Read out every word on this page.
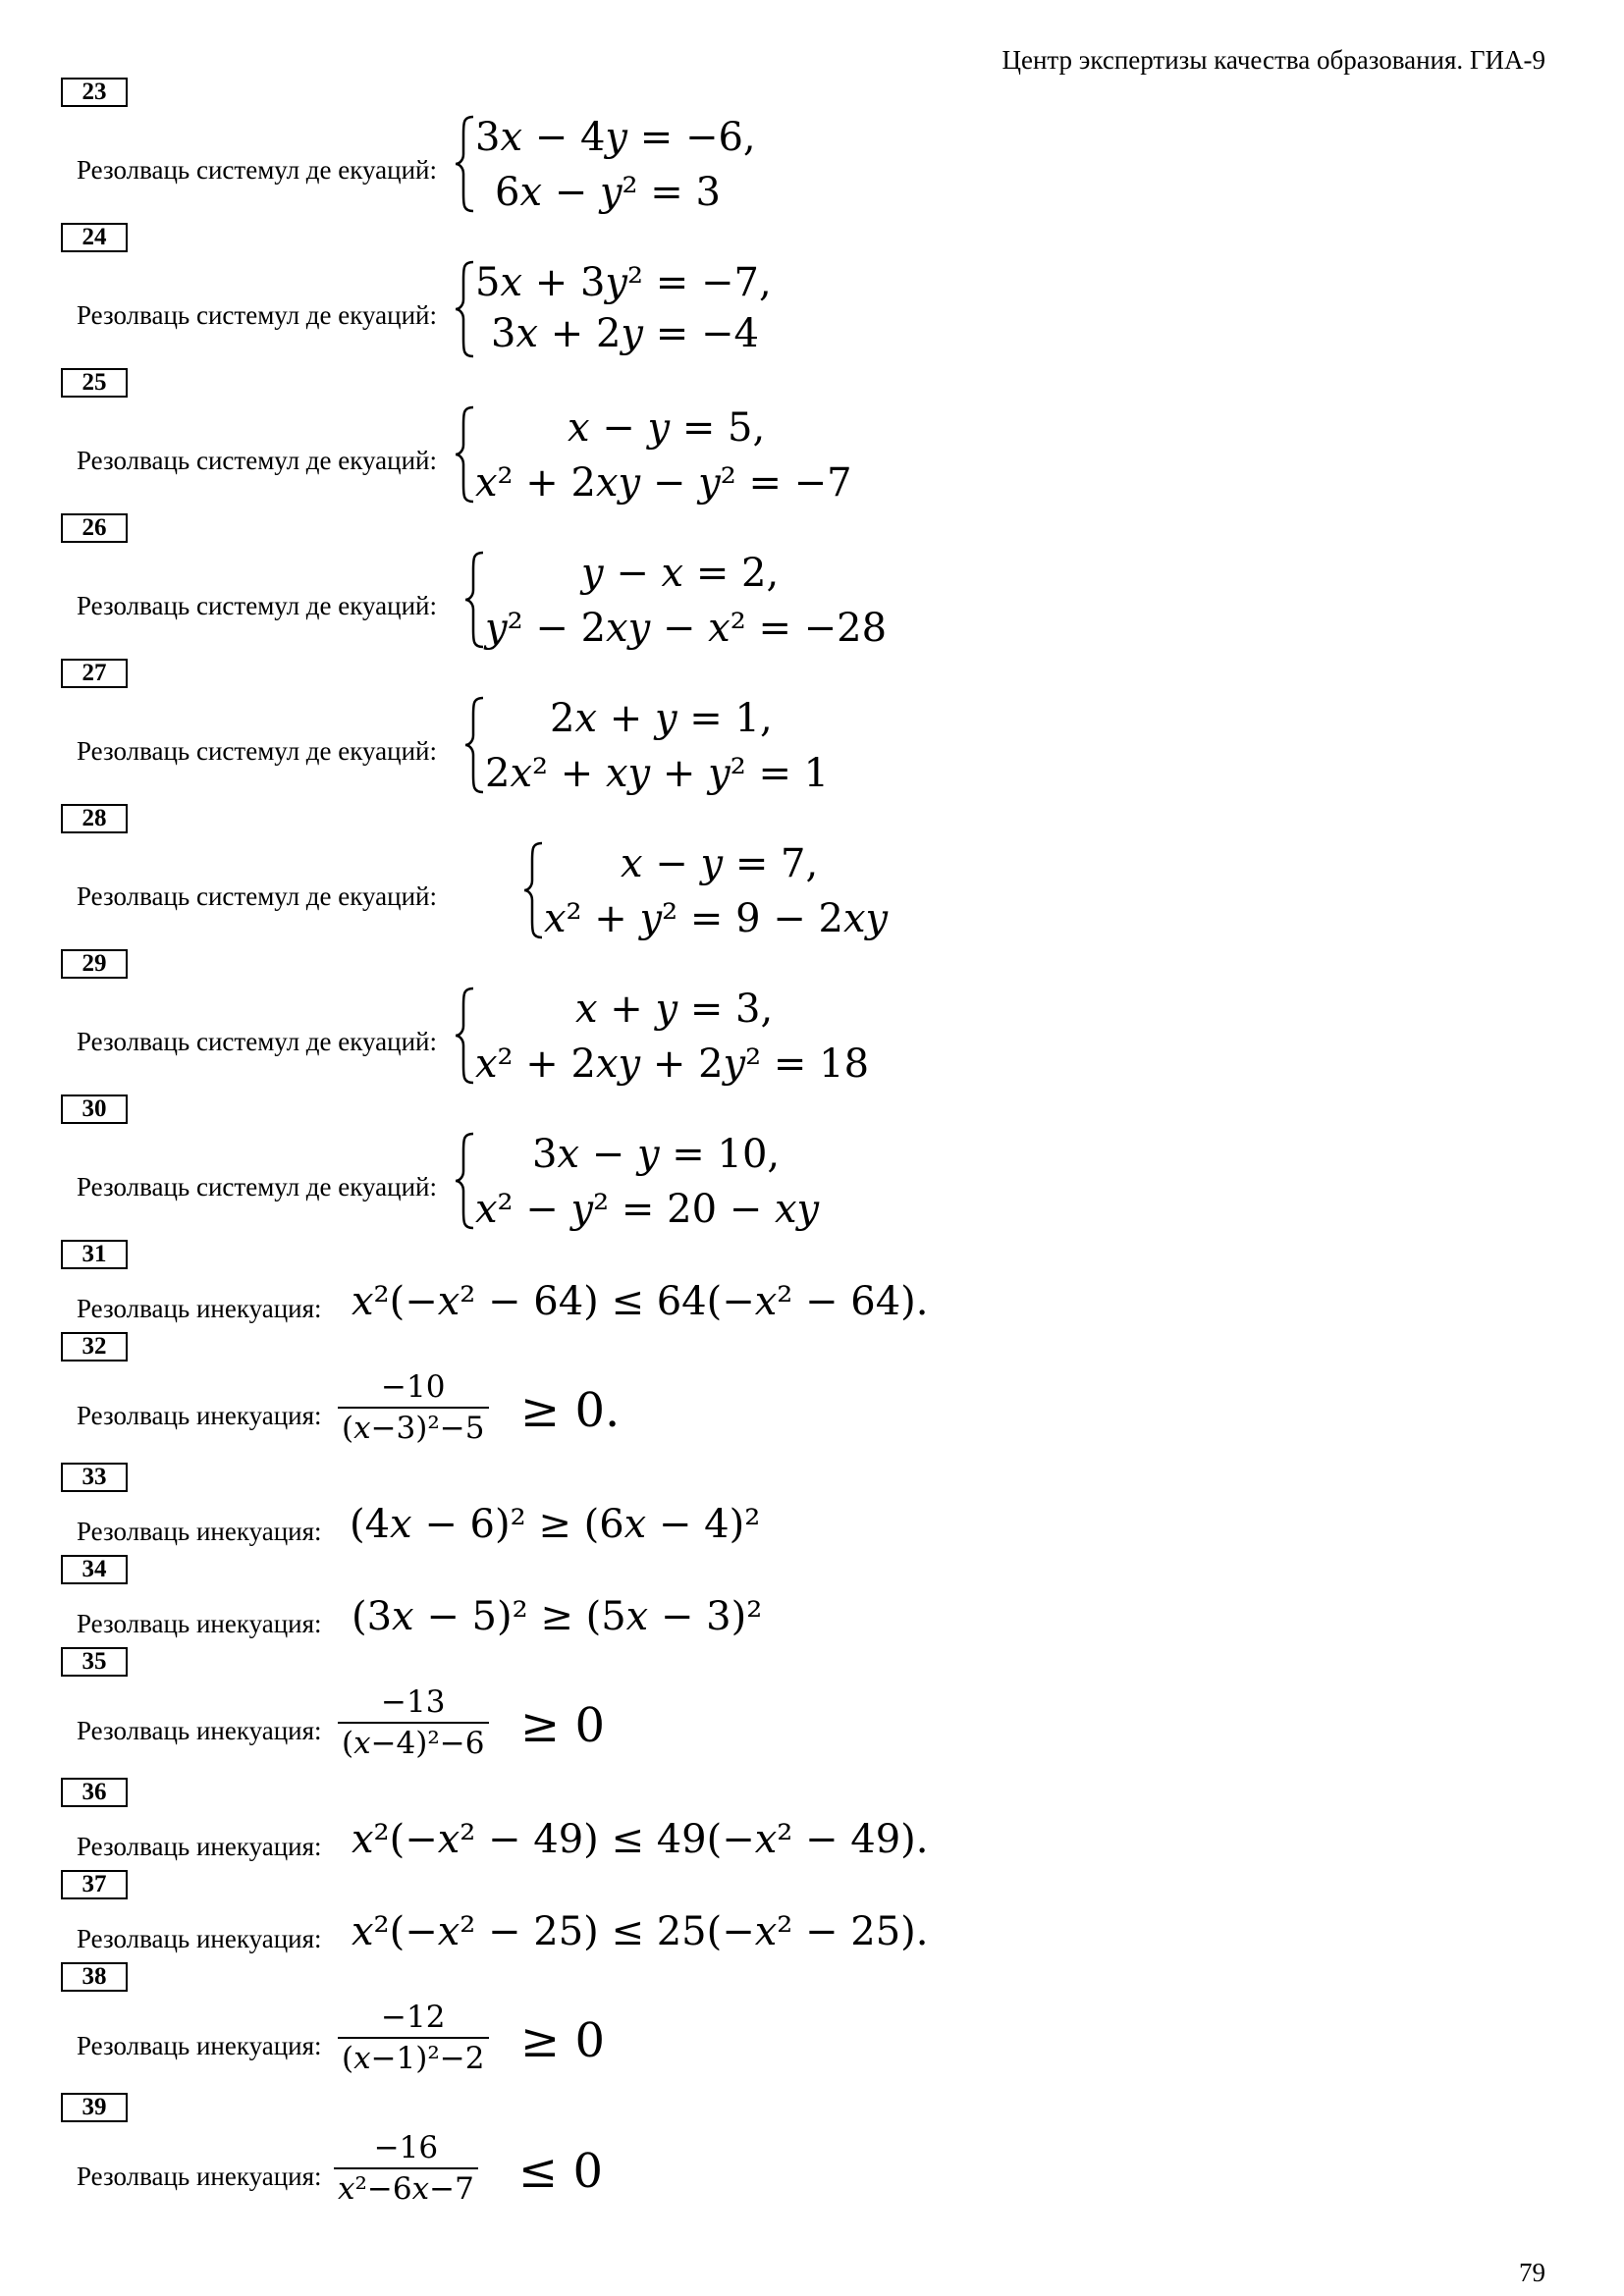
Центр экспертизы качества образования. ГИА-9
23
Резолваць системул де екуаций:
3𝑥 − 4𝑦 = −6,
6𝑥 − 𝑦² = 3
24
Резолваць системул де екуаций:
5𝑥 + 3𝑦² = −7,
3𝑥 + 2𝑦 = −4
25
Резолваць системул де екуаций:
𝑥 − 𝑦 = 5,
𝑥² + 2𝑥𝑦 − 𝑦² = −7
26
Резолваць системул де екуаций:
𝑦 − 𝑥 = 2,
𝑦² − 2𝑥𝑦 − 𝑥² = −28
27
Резолваць системул де екуаций:
2𝑥 + 𝑦 = 1,
2𝑥² + 𝑥𝑦 + 𝑦² = 1
28
Резолваць системул де екуаций:
𝑥 − 𝑦 = 7,
𝑥² + 𝑦² = 9 − 2𝑥𝑦
29
Резолваць системул де екуаций:
𝑥 + 𝑦 = 3,
𝑥² + 2𝑥𝑦 + 2𝑦² = 18
30
Резолваць системул де екуаций:
3𝑥 − 𝑦 = 10,
𝑥² − 𝑦² = 20 − 𝑥𝑦
31
Резолваць инекуация: 𝑥²(−𝑥² − 64) ≤ 64(−𝑥² − 64).
32
Резолваць инекуация:
−10
(𝑥−3)²−5 ≥ 0.
33
Резолваць инекуация: (4𝑥 − 6)² ≥ (6𝑥 − 4)²
34
Резолваць инекуация: (3𝑥 − 5)² ≥ (5𝑥 − 3)²
35
Резолваць инекуация:
−13
(𝑥−4)²−6 ≥ 0
36
Резолваць инекуация: 𝑥²(−𝑥² − 49) ≤ 49(−𝑥² − 49).
37
Резолваць инекуация: 𝑥²(−𝑥² − 25) ≤ 25(−𝑥² − 25).
38
Резолваць инекуация:
−12
(𝑥−1)²−2 ≥ 0
39
Резолваць инекуация:
−16
𝑥²−6𝑥−7 ≤ 0
79
